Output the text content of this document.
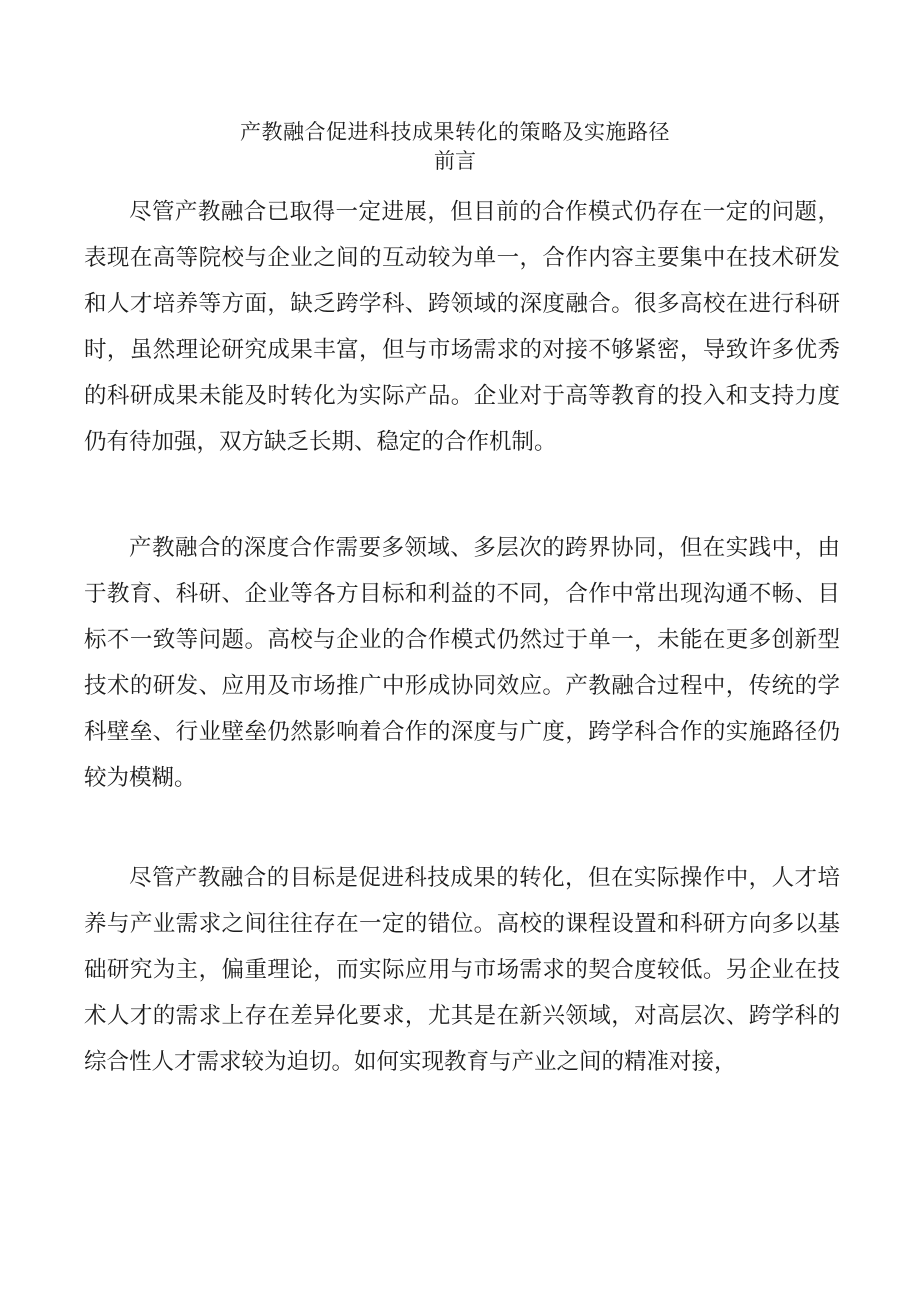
产教融合促进科技成果转化的策略及实施路径
前言

尽管产教融合已取得一定进展，但目前的合作模式仍存在一定的问题，表现在高等院校与企业之间的互动较为单一，合作内容主要集中在技术研发和人才培养等方面，缺乏跨学科、跨领域的深度融合。很多高校在进行科研时，虽然理论研究成果丰富，但与市场需求的对接不够紧密，导致许多优秀的科研成果未能及时转化为实际产品。企业对于高等教育的投入和支持力度仍有待加强，双方缺乏长期、稳定的合作机制。

产教融合的深度合作需要多领域、多层次的跨界协同，但在实践中，由于教育、科研、企业等各方目标和利益的不同，合作中常出现沟通不畅、目标不一致等问题。高校与企业的合作模式仍然过于单一，未能在更多创新型技术的研发、应用及市场推广中形成协同效应。产教融合过程中，传统的学科壁垒、行业壁垒仍然影响着合作的深度与广度，跨学科合作的实施路径仍较为模糊。

尽管产教融合的目标是促进科技成果的转化，但在实际操作中，人才培养与产业需求之间往往存在一定的错位。高校的课程设置和科研方向多以基础研究为主，偏重理论，而实际应用与市场需求的契合度较低。另企业在技术人才的需求上存在差异化要求，尤其是在新兴领域，对高层次、跨学科的综合性人才需求较为迫切。如何实现教育与产业之间的精准对接，
